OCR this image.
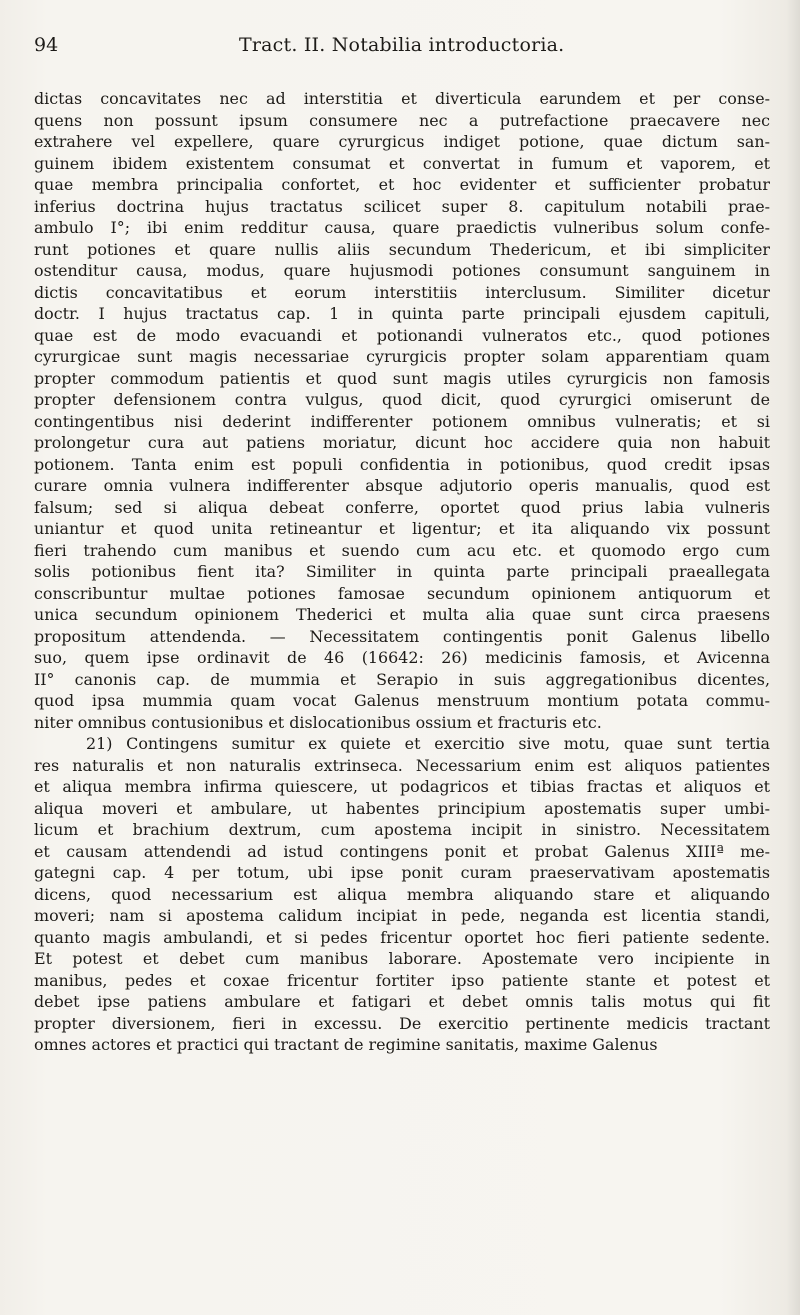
94	Tract. II. Notabilia introductoria.
dictas concavitates nec ad interstitia et diverticula earundem et per conse-
quens non possunt ipsum consumere nec a putrefactione praecavere nec
extrahere vel expellere, quare cyrurgicus indiget potione, quae dictum san-
guinem ibidem existentem consumat et convertat in fumum et vaporem, et
quae membra principalia confortet, et hoc evidenter et sufficienter probatur
inferius doctrina hujus tractatus scilicet super 8. capitulum notabili prae-
ambulo I°; ibi enim redditur causa, quare praedictis vulneribus solum confe-
runt potiones et quare nullis aliis secundum Thedericum, et ibi simpliciter
ostenditur causa, modus, quare hujusmodi potiones consumunt sanguinem in
dictis concavitatibus et eorum interstitiis interclusum. Similiter dicetur
doctr. I hujus tractatus cap. 1 in quinta parte principali ejusdem capituli,
quae est de modo evacuandi et potionandi vulneratos etc., quod potiones
cyrurgicae sunt magis necessariae cyrurgicis propter solam apparentiam quam
propter commodum patientis et quod sunt magis utiles cyrurgicis non famosis
propter defensionem contra vulgus, quod dicit, quod cyrurgici omiserunt de
contingentibus nisi dederint indifferenter potionem omnibus vulneratis; et si
prolongetur cura aut patiens moriatur, dicunt hoc accidere quia non habuit
potionem. Tanta enim est populi confidentia in potionibus, quod credit ipsas
curare omnia vulnera indifferenter absque adjutorio operis manualis, quod est
falsum; sed si aliqua debeat conferre, oportet quod prius labia vulneris
uniantur et quod unita retineantur et ligentur; et ita aliquando vix possunt
fieri trahendo cum manibus et suendo cum acu etc. et quomodo ergo cum
solis potionibus fient ita? Similiter in quinta parte principali praeallegata
conscribuntur multae potiones famosae secundum opinionem antiquorum et
unica secundum opinionem Thederici et multa alia quae sunt circa praesens
propositum attendenda. — Necessitatem contingentis ponit Galenus libello
suo, quem ipse ordinavit de 46 (16642: 26) medicinis famosis, et Avicenna
II° canonis cap. de mummia et Serapio in suis aggregationibus dicentes,
quod ipsa mummia quam vocat Galenus menstruum montium potata commu-
niter omnibus contusionibus et dislocationibus ossium et fracturis etc.
21) Contingens sumitur ex quiete et exercitio sive motu, quae sunt tertia
res naturalis et non naturalis extrinseca. Necessarium enim est aliquos patientes
et aliqua membra infirma quiescere, ut podagricos et tibias fractas et aliquos et
aliqua moveri et ambulare, ut habentes principium apostematis super umbi-
licum et brachium dextrum, cum apostema incipit in sinistro. Necessitatem
et causam attendendi ad istud contingens ponit et probat Galenus XIIIª me-
gategni cap. 4 per totum, ubi ipse ponit curam praeservativam apostematis
dicens, quod necessarium est aliqua membra aliquando stare et aliquando
moveri; nam si apostema calidum incipiat in pede, neganda est licentia standi,
quanto magis ambulandi, et si pedes fricentur oportet hoc fieri patiente sedente.
Et potest et debet cum manibus laborare. Apostemate vero incipiente in
manibus, pedes et coxae fricentur fortiter ipso patiente stante et potest et
debet ipse patiens ambulare et fatigari et debet omnis talis motus qui fit
propter diversionem, fieri in excessu. De exercitio pertinente medicis tractant
omnes actores et practici qui tractant de regimine sanitatis, maxime Galenus
